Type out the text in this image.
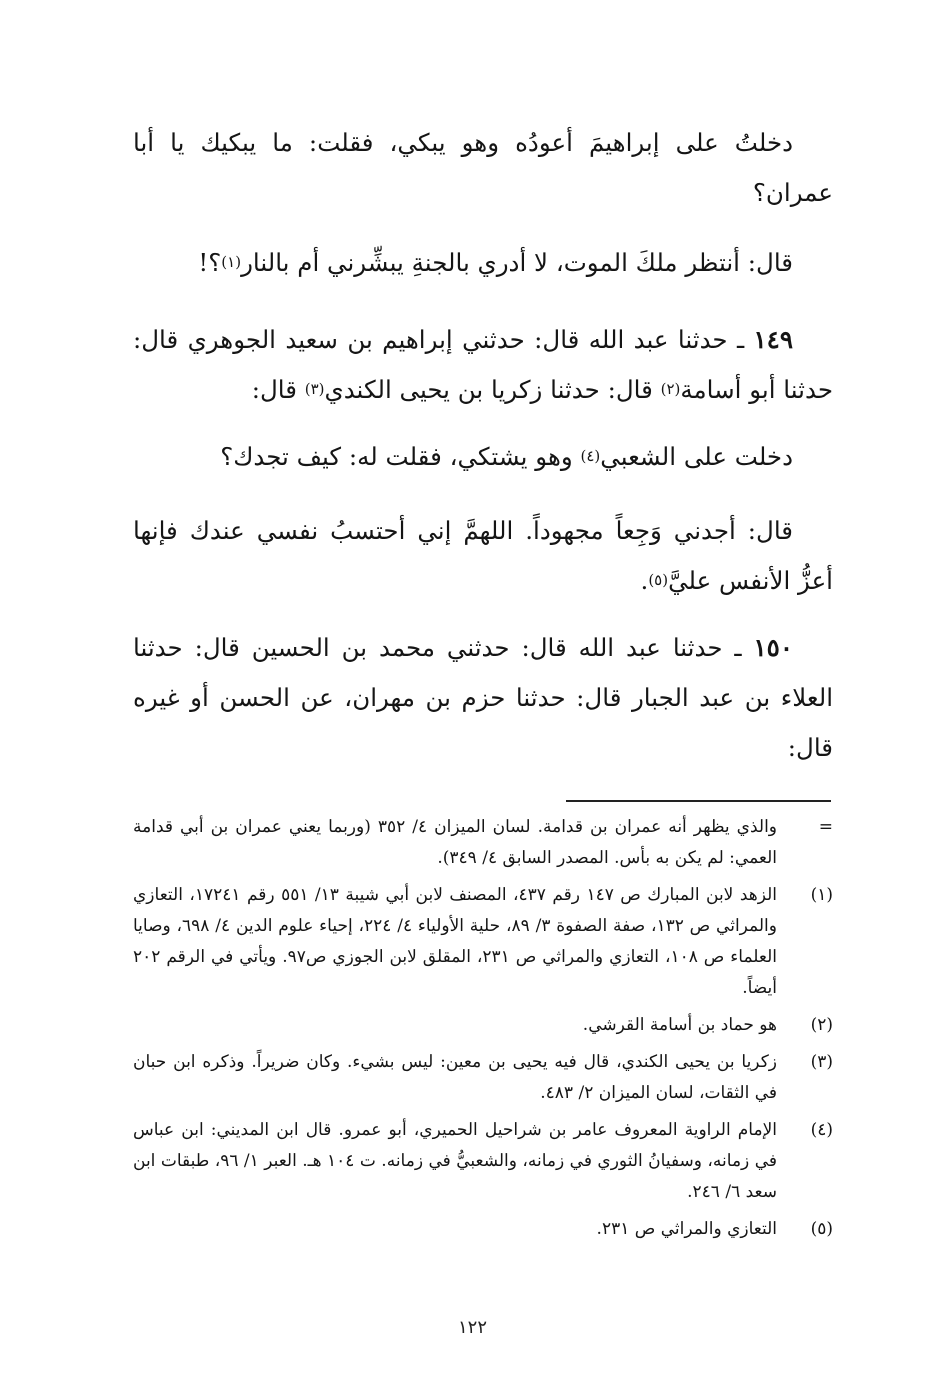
دخلتُ على إبراهيمَ أعودُه وهو يبكي، فقلت: ما يبكيك يا أبا عمران؟

قال: أنتظر ملكَ الموت، لا أدري بالجنةِ يبشِّرني أم بالنار$^{(١)}$؟!

١٤٩ ـ حدثنا عبد الله قال: حدثني إبراهيم بن سعيد الجوهري قال: حدثنا أبو أسامة$^{(٢)}$ قال: حدثنا زكريا بن يحيى الكندي$^{(٣)}$ قال:

دخلت على الشعبي$^{(٤)}$ وهو يشتكي، فقلت له: كيف تجدك؟

قال: أجدني وَجِعاً مجهوداً. اللهمَّ إني أحتسبُ نفسي عندك فإنها أعزُّ الأنفس عليَّ$^{(٥)}$.

١٥٠ ـ حدثنا عبد الله قال: حدثني محمد بن الحسين قال: حدثنا العلاء بن عبد الجبار قال: حدثنا حزم بن مهران، عن الحسن أو غيره قال:

=
والذي يظهر أنه عمران بن قدامة. لسان الميزان ٤/ ٣٥٢ (وربما يعني عمران بن أبي قدامة العمي: لم يكن به بأس. المصدر السابق ٤/ ٣٤٩).
(١)
الزهد لابن المبارك ص ١٤٧ رقم ٤٣٧، المصنف لابن أبي شيبة ١٣/ ٥٥١ رقم ١٧٢٤١، التعازي والمراثي ص ١٣٢، صفة الصفوة ٣/ ٨٩، حلية الأولياء ٤/ ٢٢٤، إحياء علوم الدين ٤/ ٦٩٨، وصايا العلماء ص ١٠٨، التعازي والمراثي ص ٢٣١، المقلق لابن الجوزي ص٩٧. ويأتي في الرقم ٢٠٢ أيضاً.
(٢)
هو حماد بن أسامة القرشي.
(٣)
زكريا بن يحيى الكندي، قال فيه يحيى بن معين: ليس بشيء. وكان ضريراً. وذكره ابن حبان في الثقات، لسان الميزان ٢/ ٤٨٣.
(٤)
الإمام الراوية المعروف عامر بن شراحيل الحميري، أبو عمرو. قال ابن المديني: ابن عباس في زمانه، وسفيانُ الثوري في زمانه، والشعبيُّ في زمانه. ت ١٠٤ هـ. العبر ١/ ٩٦، طبقات ابن سعد ٦/ ٢٤٦.
(٥)
التعازي والمراثي ص ٢٣١.
١٢٢
